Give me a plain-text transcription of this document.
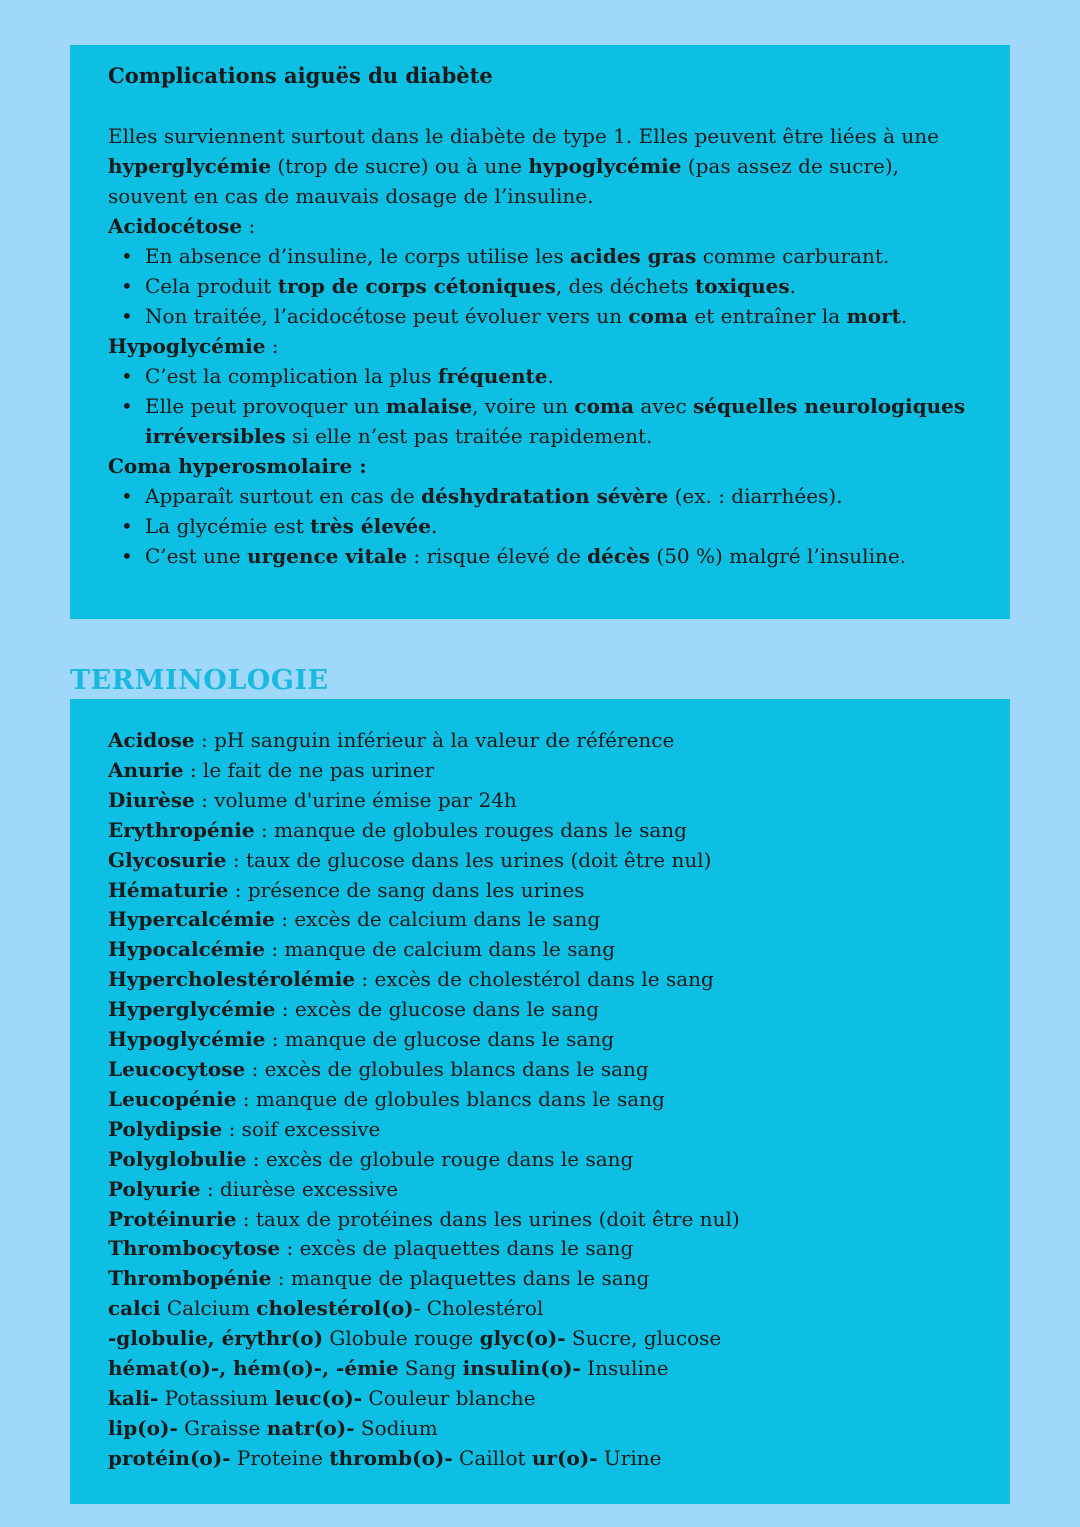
Complications aiguës du diabète

Elles surviennent surtout dans le diabète de type 1. Elles peuvent être liées à une hyperglycémie (trop de sucre) ou à une hypoglycémie (pas assez de sucre), souvent en cas de mauvais dosage de l’insuline.

Acidocétose :

• En absence d’insuline, le corps utilise les acides gras comme carburant.
• Cela produit trop de corps cétoniques, des déchets toxiques.
• Non traitée, l’acidocétose peut évoluer vers un coma et entraîner la mort.

Hypoglycémie :

• C’est la complication la plus fréquente.
• Elle peut provoquer un malaise, voire un coma avec séquelles neurologiques irréversibles si elle n’est pas traitée rapidement.

Coma hyperosmolaire :

• Apparaît surtout en cas de déshydratation sévère (ex. : diarrhées).
• La glycémie est très élevée.
• C’est une urgence vitale : risque élevé de décès (50 %) malgré l’insuline.
TERMINOLOGIE

Acidose : pH sanguin inférieur à la valeur de référence

Anurie : le fait de ne pas uriner

Diurèse : volume d'urine émise par 24h

Erythropénie : manque de globules rouges dans le sang

Glycosurie : taux de glucose dans les urines (doit être nul)

Hématurie : présence de sang dans les urines

Hypercalcémie : excès de calcium dans le sang

Hypocalcémie : manque de calcium dans le sang

Hypercholestérolémie : excès de cholestérol dans le sang

Hyperglycémie : excès de glucose dans le sang

Hypoglycémie : manque de glucose dans le sang

Leucocytose : excès de globules blancs dans le sang

Leucopénie : manque de globules blancs dans le sang

Polydipsie : soif excessive

Polyglobulie : excès de globule rouge dans le sang

Polyurie : diurèse excessive

Protéinurie : taux de protéines dans les urines (doit être nul)

Thrombocytose : excès de plaquettes dans le sang

Thrombopénie : manque de plaquettes dans le sang

calci Calcium cholestérol(o)- Cholestérol

-globulie, érythr(o) Globule rouge glyc(o)- Sucre, glucose

hémat(o)-, hém(o)-, -émie Sang insulin(o)- Insuline

kali- Potassium leuc(o)- Couleur blanche

lip(o)- Graisse natr(o)- Sodium

protéin(o)- Proteine thromb(o)- Caillot ur(o)- Urine
